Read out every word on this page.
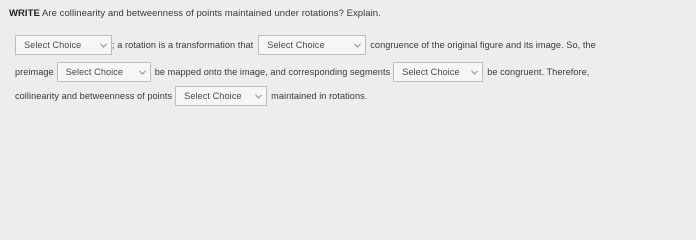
WRITE Are collinearity and betweenness of points maintained under rotations? Explain.
Select Choice	; a rotation is a transformation that Select Choice	congruence of the original figure and its image. So, the
preimage Select Choice	be mapped onto the image, and corresponding segments Select Choice	be congruent. Therefore,
collinearity and betweenness of points Select Choice	maintained in rotations.
